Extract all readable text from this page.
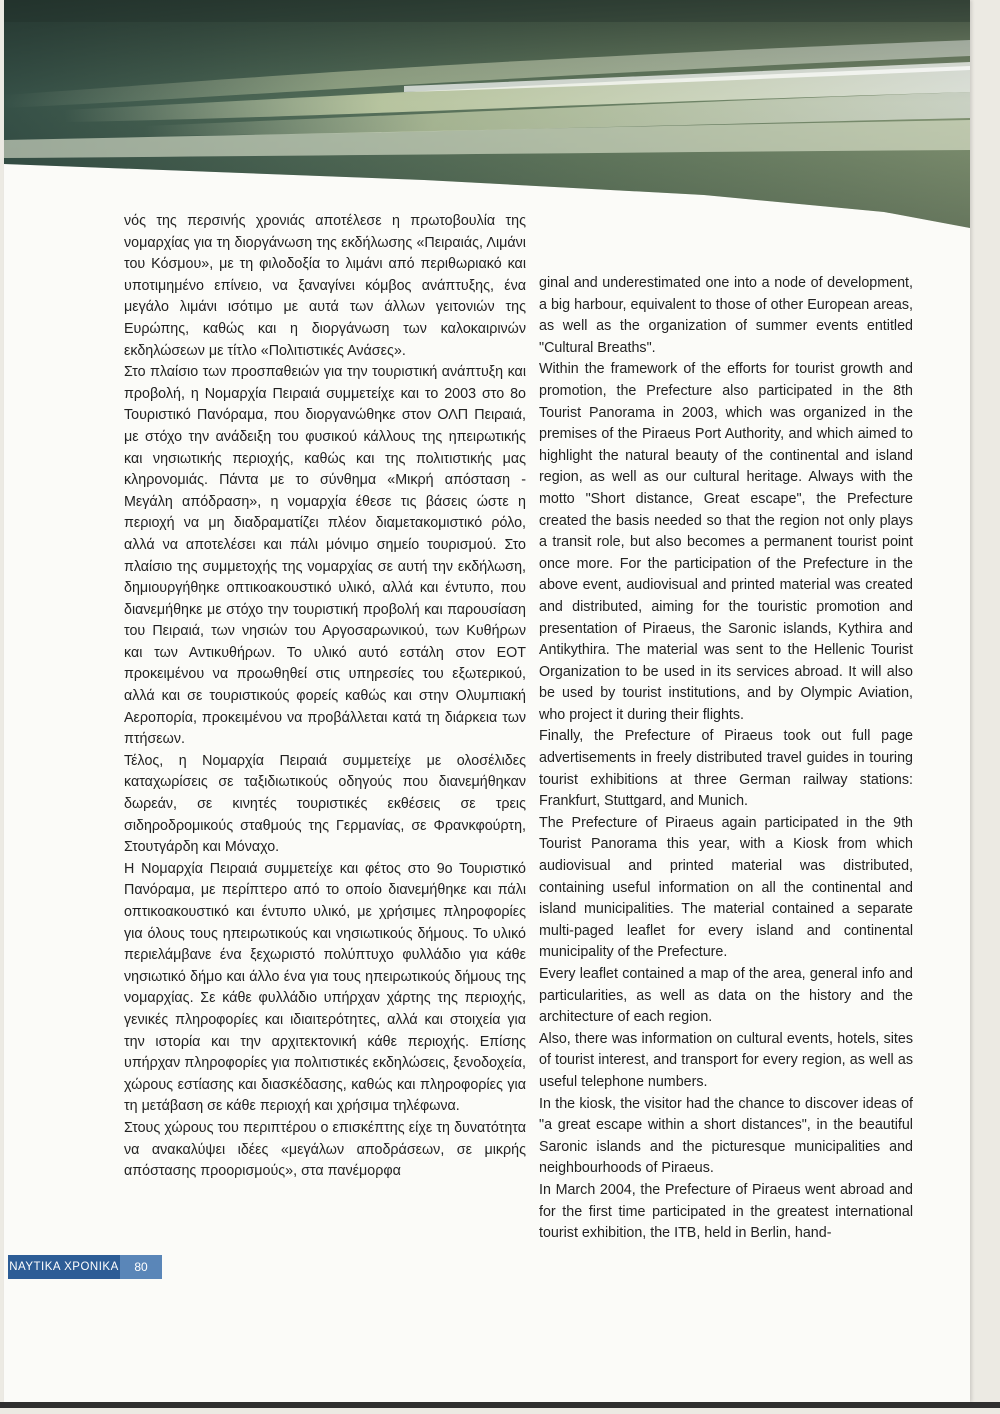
νός της περσινής χρονιάς αποτέλεσε η πρωτοβουλία της νομαρχίας για τη διοργάνωση της εκδήλωσης «Πειραιάς, Λιμάνι του Κόσμου», με τη φιλοδοξία το λιμάνι από περιθωριακό και υποτιμημένο επίνειο, να ξαναγίνει κόμβος ανάπτυξης, ένα μεγάλο λιμάνι ισότιμο με αυτά των άλλων γειτονιών της Ευρώπης, καθώς και η διοργάνωση των καλοκαιρινών εκδηλώσεων με τίτλο «Πολιτιστικές Ανάσες».

Στο πλαίσιο των προσπαθειών για την τουριστική ανάπτυξη και προβολή, η Νομαρχία Πειραιά συμμετείχε και το 2003 στο 8ο Τουριστικό Πανόραμα, που διοργανώθηκε στον ΟΛΠ Πειραιά, με στόχο την ανάδειξη του φυσικού κάλλους της ηπειρωτικής και νησιωτικής περιοχής, καθώς και της πολιτιστικής μας κληρονομιάς. Πάντα με το σύνθημα «Μικρή απόσταση - Μεγάλη απόδραση», η νομαρχία έθεσε τις βάσεις ώστε η περιοχή να μη διαδραματίζει πλέον διαμετακομιστικό ρόλο, αλλά να αποτελέσει και πάλι μόνιμο σημείο τουρισμού. Στο πλαίσιο της συμμετοχής της νομαρχίας σε αυτή την εκδήλωση, δημιουργήθηκε οπτικοακουστικό υλικό, αλλά και έντυπο, που διανεμήθηκε με στόχο την τουριστική προβολή και παρουσίαση του Πειραιά, των νησιών του Αργοσαρωνικού, των Κυθήρων και των Αντικυθήρων. Το υλικό αυτό εστάλη στον ΕΟΤ προκειμένου να προωθηθεί στις υπηρεσίες του εξωτερικού, αλλά και σε τουριστικούς φορείς καθώς και στην Ολυμπιακή Αεροπορία, προκειμένου να προβάλλεται κατά τη διάρκεια των πτήσεων.

Τέλος, η Νομαρχία Πειραιά συμμετείχε με ολοσέλιδες καταχωρίσεις σε ταξιδιωτικούς οδηγούς που διανεμήθηκαν δωρεάν, σε κινητές τουριστικές εκθέσεις σε τρεις σιδηροδρομικούς σταθμούς της Γερμανίας, σε Φρανκφούρτη, Στουτγάρδη και Μόναχο.

Η Νομαρχία Πειραιά συμμετείχε και φέτος στο 9ο Τουριστικό Πανόραμα, με περίπτερο από το οποίο διανεμήθηκε και πάλι οπτικοακουστικό και έντυπο υλικό, με χρήσιμες πληροφορίες για όλους τους ηπειρωτικούς και νησιωτικούς δήμους. Το υλικό περιελάμβανε ένα ξεχωριστό πολύπτυχο φυλλάδιο για κάθε νησιωτικό δήμο και άλλο ένα για τους ηπειρωτικούς δήμους της νομαρχίας. Σε κάθε φυλλάδιο υπήρχαν χάρτης της περιοχής, γενικές πληροφορίες και ιδιαιτερότητες, αλλά και στοιχεία για την ιστορία και την αρχιτεκτονική κάθε περιοχής. Επίσης υπήρχαν πληροφορίες για πολιτιστικές εκδηλώσεις, ξενοδοχεία, χώρους εστίασης και διασκέδασης, καθώς και πληροφορίες για τη μετάβαση σε κάθε περιοχή και χρήσιμα τηλέφωνα.

Στους χώρους του περιπτέρου ο επισκέπτης είχε τη δυνατότητα να ανακαλύψει ιδέες «μεγάλων αποδράσεων, σε μικρής απόστασης προορισμούς», στα πανέμορφα

ginal and underestimated one into a node of development, a big harbour, equivalent to those of other European areas, as well as the organization of summer events entitled "Cultural Breaths".

Within the framework of the efforts for tourist growth and promotion, the Prefecture also participated in the 8th Tourist Panorama in 2003, which was organized in the premises of the Piraeus Port Authority, and which aimed to highlight the natural beauty of the continental and island region, as well as our cultural heritage. Always with the motto "Short distance, Great escape", the Prefecture created the basis needed so that the region not only plays a transit role, but also becomes a permanent tourist point once more. For the participation of the Prefecture in the above event, audiovisual and printed material was created and distributed, aiming for the touristic promotion and presentation of Piraeus, the Saronic islands, Kythira and Antikythira. The material was sent to the Hellenic Tourist Organization to be used in its services abroad. It will also be used by tourist institutions, and by Olympic Aviation, who project it during their flights.

Finally, the Prefecture of Piraeus took out full page advertisements in freely distributed travel guides in touring tourist exhibitions at three German railway stations: Frankfurt, Stuttgard, and Munich.

The Prefecture of Piraeus again participated in the 9th Tourist Panorama this year, with a Kiosk from which audiovisual and printed material was distributed, containing useful information on all the continental and island municipalities. The material contained a separate multi-paged leaflet for every island and continental municipality of the Prefecture.

Every leaflet contained a map of the area, general info and particularities, as well as data on the history and the architecture of each region.

Also, there was information on cultural events, hotels, sites of tourist interest, and transport for every region, as well as useful telephone numbers.

In the kiosk, the visitor had the chance to discover ideas of "a great escape within a short distances", in the beautiful Saronic islands and the picturesque municipalities and neighbourhoods of Piraeus.

In March 2004, the Prefecture of Piraeus went abroad and for the first time participated in the greatest international tourist exhibition, the ITB, held in Berlin, hand-

ΝΑΥΤΙΚΑ ΧΡΟΝΙΚΑ	80
